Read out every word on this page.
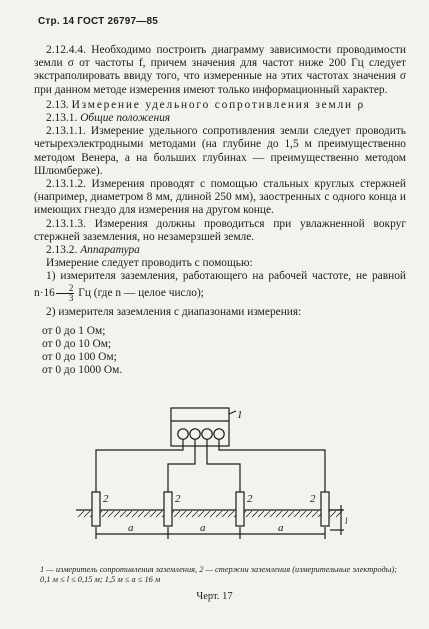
Стр. 14 ГОСТ 26797—85

2.12.4.4. Необходимо построить диаграмму зависимости проводимости земли σ от частоты f, причем значения для частот ниже 200 Гц следует экстраполировать ввиду того, что измеренные на этих частотах значения σ при данном методе измерения имеют только информационный характер.

2.13. Измерение удельного сопротивления земли ρ

2.13.1. Общие положения

2.13.1.1. Измерение удельного сопротивления земли следует проводить четырехэлектродными методами (на глубине до 1,5 м преимущественно методом Венера, а на больших глубинах — преимущественно методом Шлюмберже).

2.13.1.2. Измерения проводят с помощью стальных круглых стержней (например, диаметром 8 мм, длиной 250 мм), заостренных с одного конца и имеющих гнездо для измерения на другом конце.

2.13.1.3. Измерения должны проводиться при увлажненной вокруг стержней заземления, но незамерзшей земле.

2.13.2. Аппаратура

Измерение следует проводить с помощью:

1) измерителя заземления, работающего на рабочей частоте, не равной $n\cdot 16 \frac{2}{3}$ Гц (где n — целое число);

2) измерителя заземления с диапазонами измерения:

от 0 до 1 Ом;

от 0 до 10 Ом;

от 0 до 100 Ом;

от 0 до 1000 Ом.

1
2	2	2	2
a	a	a
l
1 — измеритель сопротивления заземления, 2 — стержни заземления (измерительные электроды); 0,1 м ≤ l ≤ 0,15 м; 1,5 м ≤ a ≤ 16 м
Черт. 17
